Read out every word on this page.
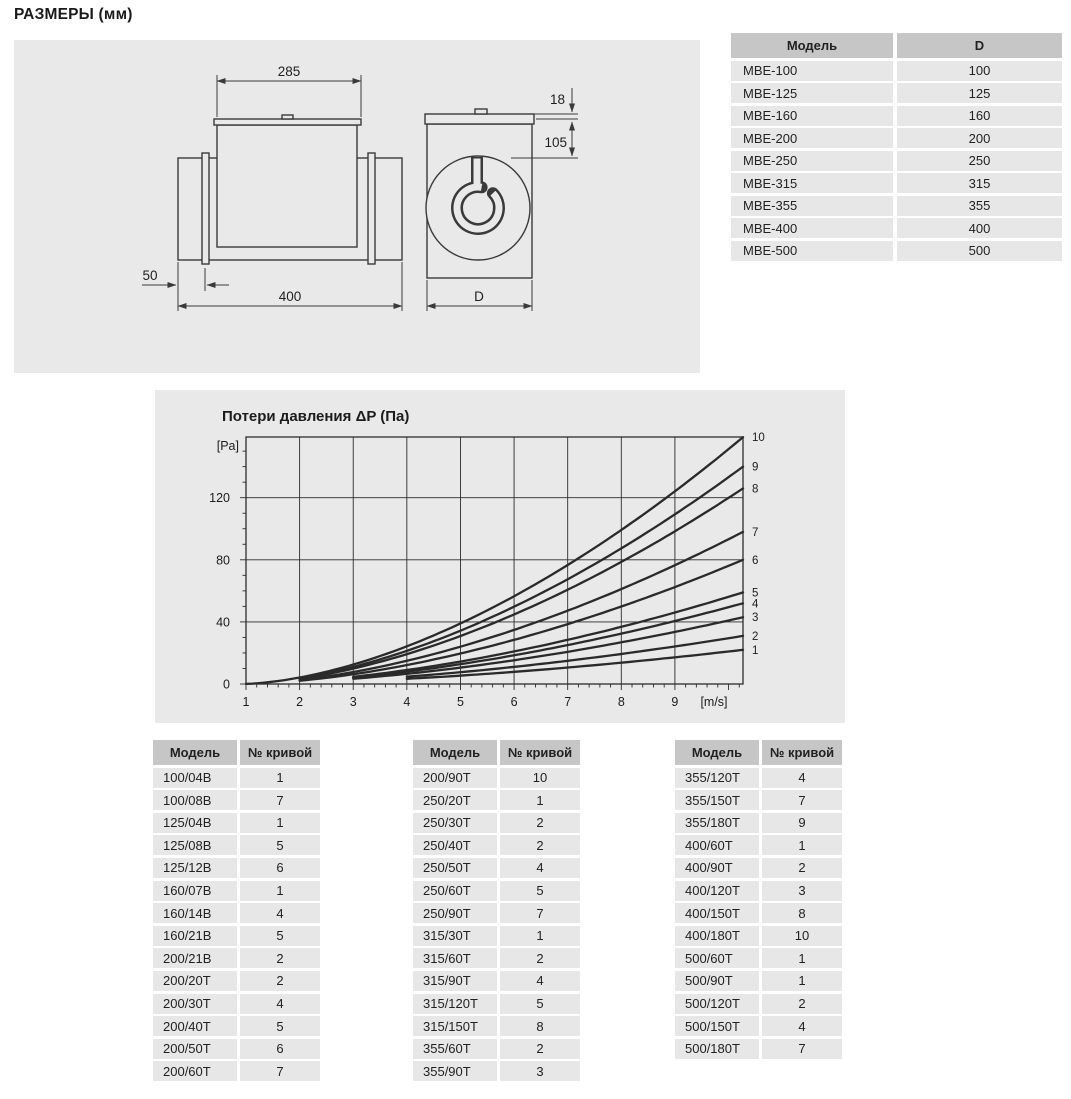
РАЗМЕРЫ (мм)
285
50
400
18
105
D
Модель	D
МВЕ-100	100
МВЕ-125	125
МВЕ-160	160
МВЕ-200	200
МВЕ-250	250
МВЕ-315	315
МВЕ-355	355
МВЕ-400	400
МВЕ-500	500
Потери давления ΔP (Па)
[Pa]
[m/s]
0
40
80
120
1	2	3	4	5	6	7	8	9
1
2
3
4
5
6
7
8
9
10
Модель	№ кривой
100/04В	1
100/08В	7
125/04В	1
125/08В	5
125/12В	6
160/07В	1
160/14В	4
160/21В	5
200/21В	2
200/20Т	2
200/30Т	4
200/40Т	5
200/50Т	6
200/60Т	7
Модель	№ кривой
200/90Т	10
250/20Т	1
250/30Т	2
250/40Т	2
250/50Т	4
250/60Т	5
250/90Т	7
315/30Т	1
315/60Т	2
315/90Т	4
315/120Т	5
315/150Т	8
355/60Т	2
355/90Т	3
Модель	№ кривой
355/120Т	4
355/150Т	7
355/180Т	9
400/60Т	1
400/90Т	2
400/120Т	3
400/150Т	8
400/180Т	10
500/60Т	1
500/90Т	1
500/120Т	2
500/150Т	4
500/180Т	7
